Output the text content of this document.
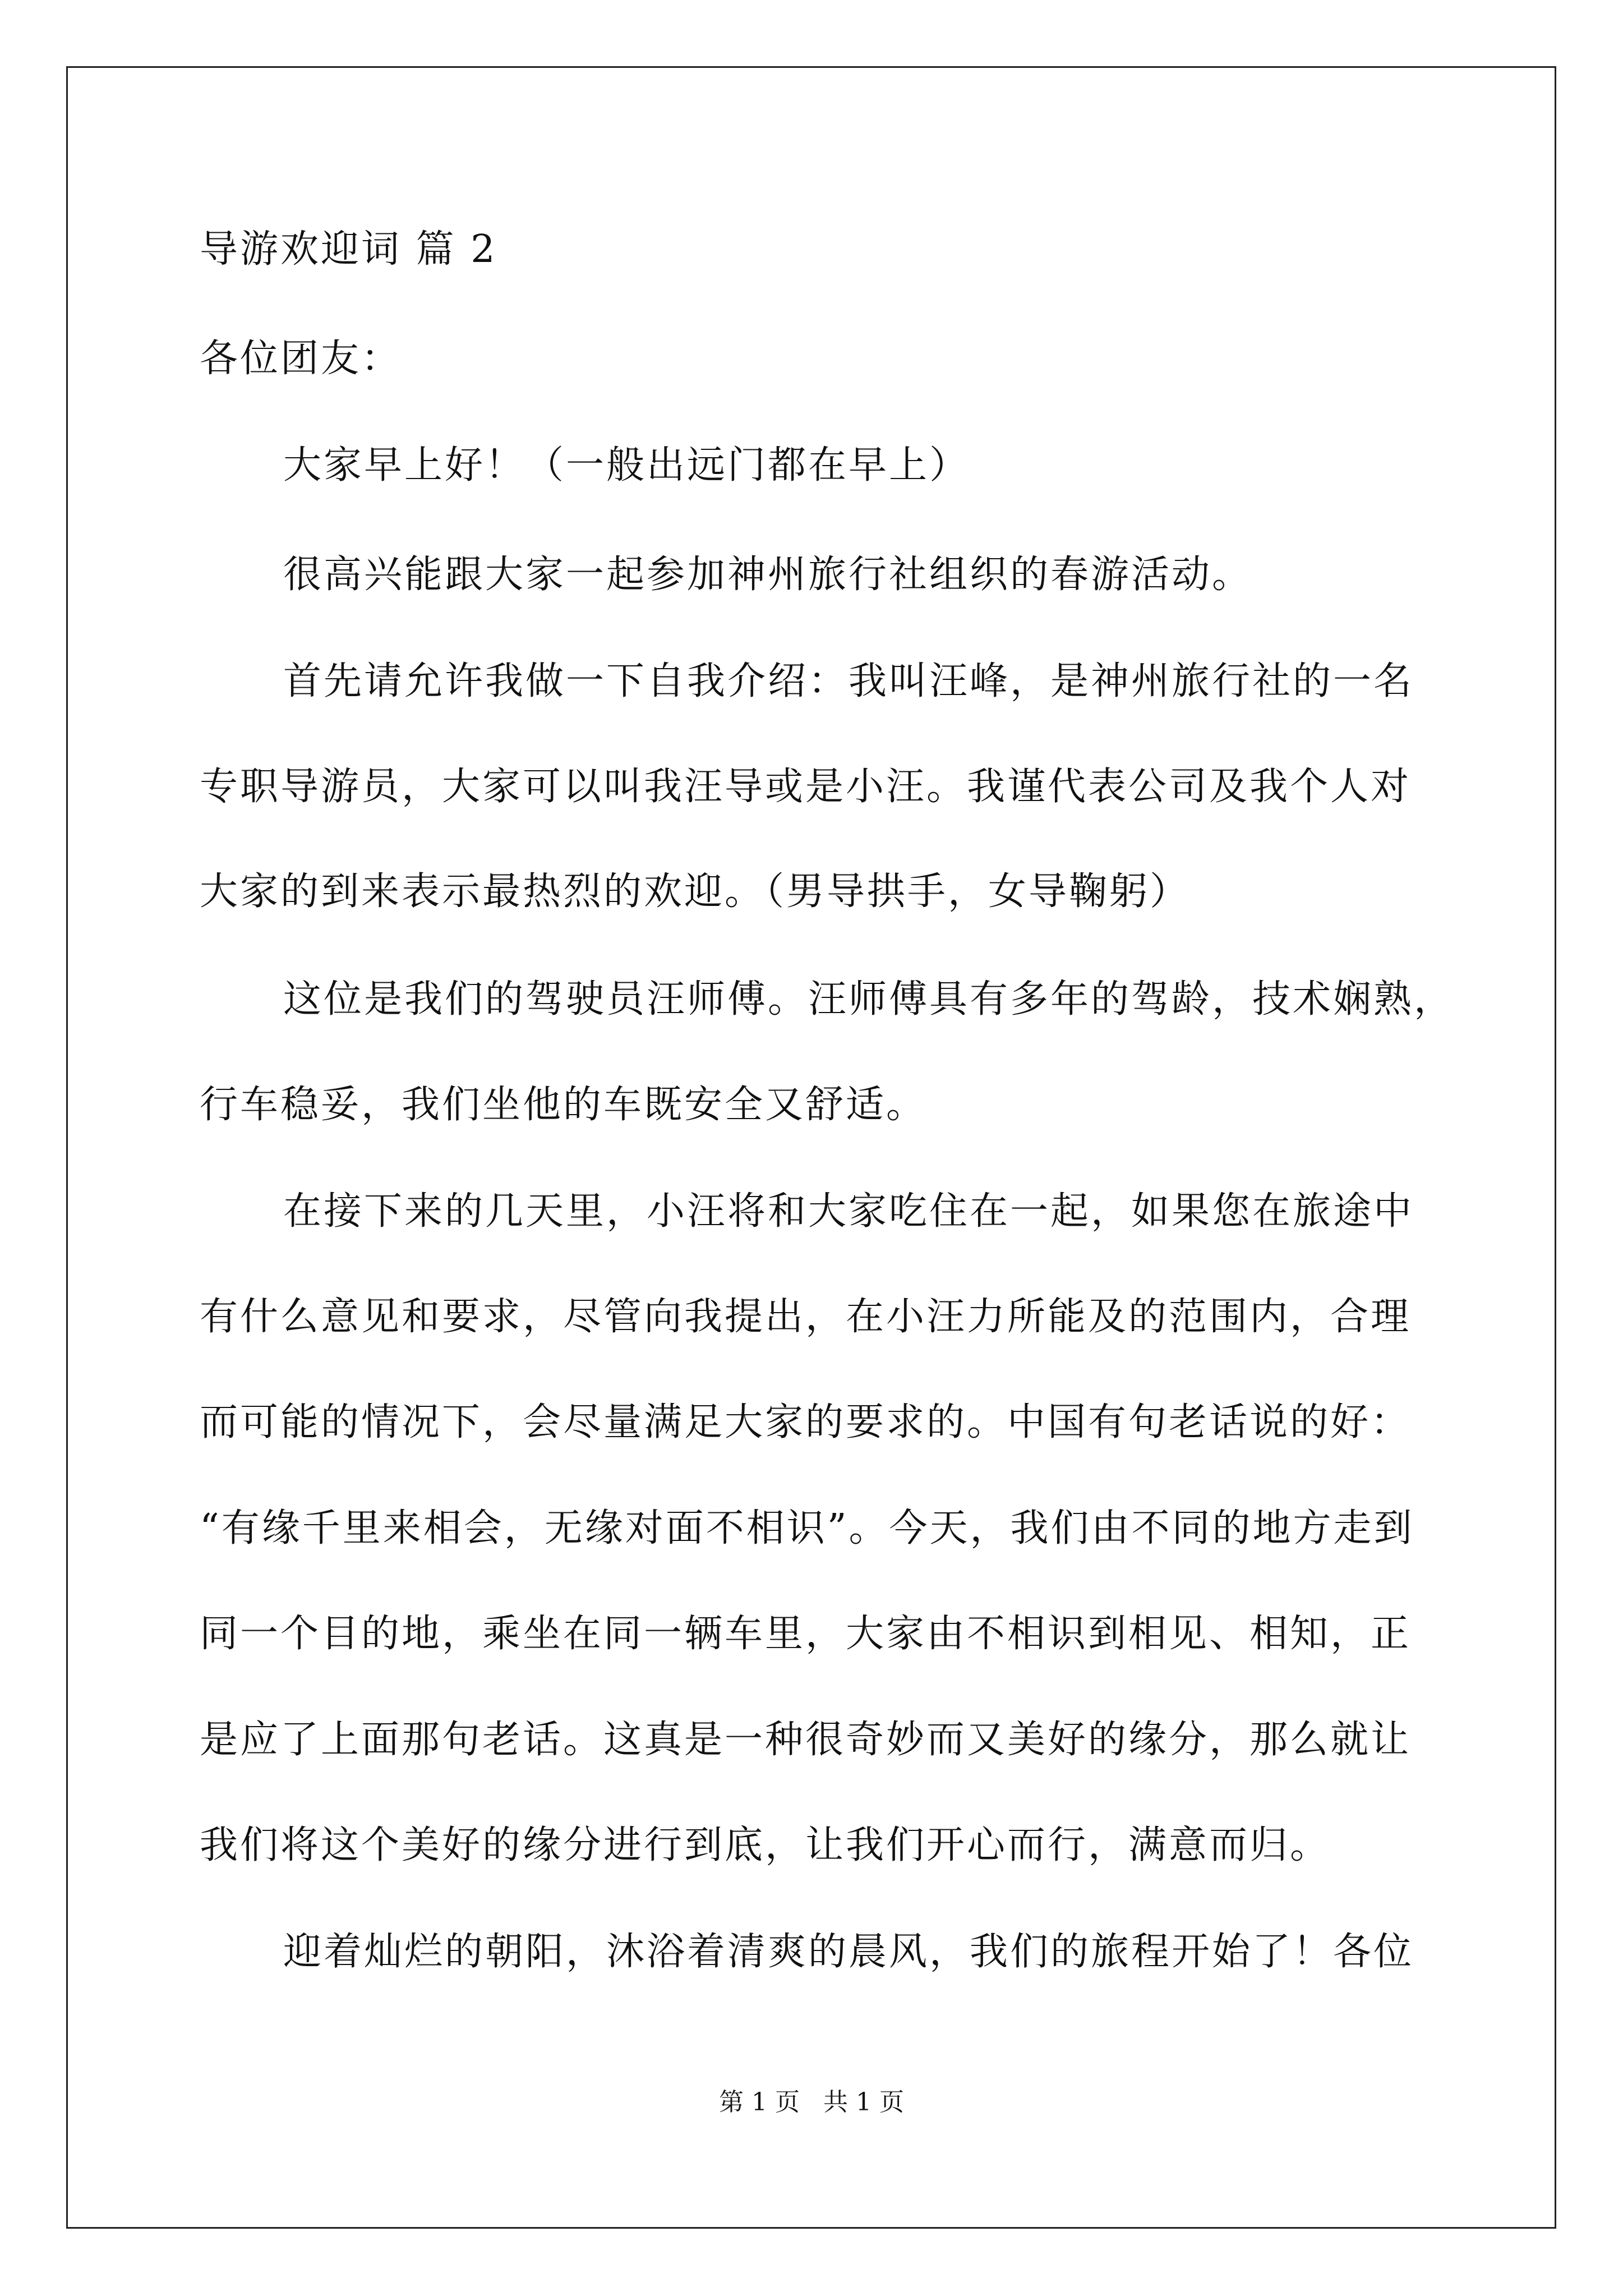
导游欢迎词 篇 2
各位团友：
大家早上好！（一般出远门都在早上）
很高兴能跟大家一起参加神州旅行社组织的春游活动。
首先请允许我做一下自我介绍：我叫汪峰，是神州旅行社的一名
专职导游员，大家可以叫我汪导或是小汪。我谨代表公司及我个人对
大家的到来表示最热烈的欢迎。（男导拱手，女导鞠躬）
这位是我们的驾驶员汪师傅。汪师傅具有多年的驾龄，技术娴熟，
行车稳妥，我们坐他的车既安全又舒适。
在接下来的几天里，小汪将和大家吃住在一起，如果您在旅途中
有什么意见和要求，尽管向我提出，在小汪力所能及的范围内，合理
而可能的情况下，会尽量满足大家的要求的。中国有句老话说的好：
“有缘千里来相会，无缘对面不相识”。今天，我们由不同的地方走到
同一个目的地，乘坐在同一辆车里，大家由不相识到相见、相知，正
是应了上面那句老话。这真是一种很奇妙而又美好的缘分，那么就让
我们将这个美好的缘分进行到底，让我们开心而行，满意而归。
迎着灿烂的朝阳，沐浴着清爽的晨风，我们的旅程开始了！各位
第 1 页 共 1 页
